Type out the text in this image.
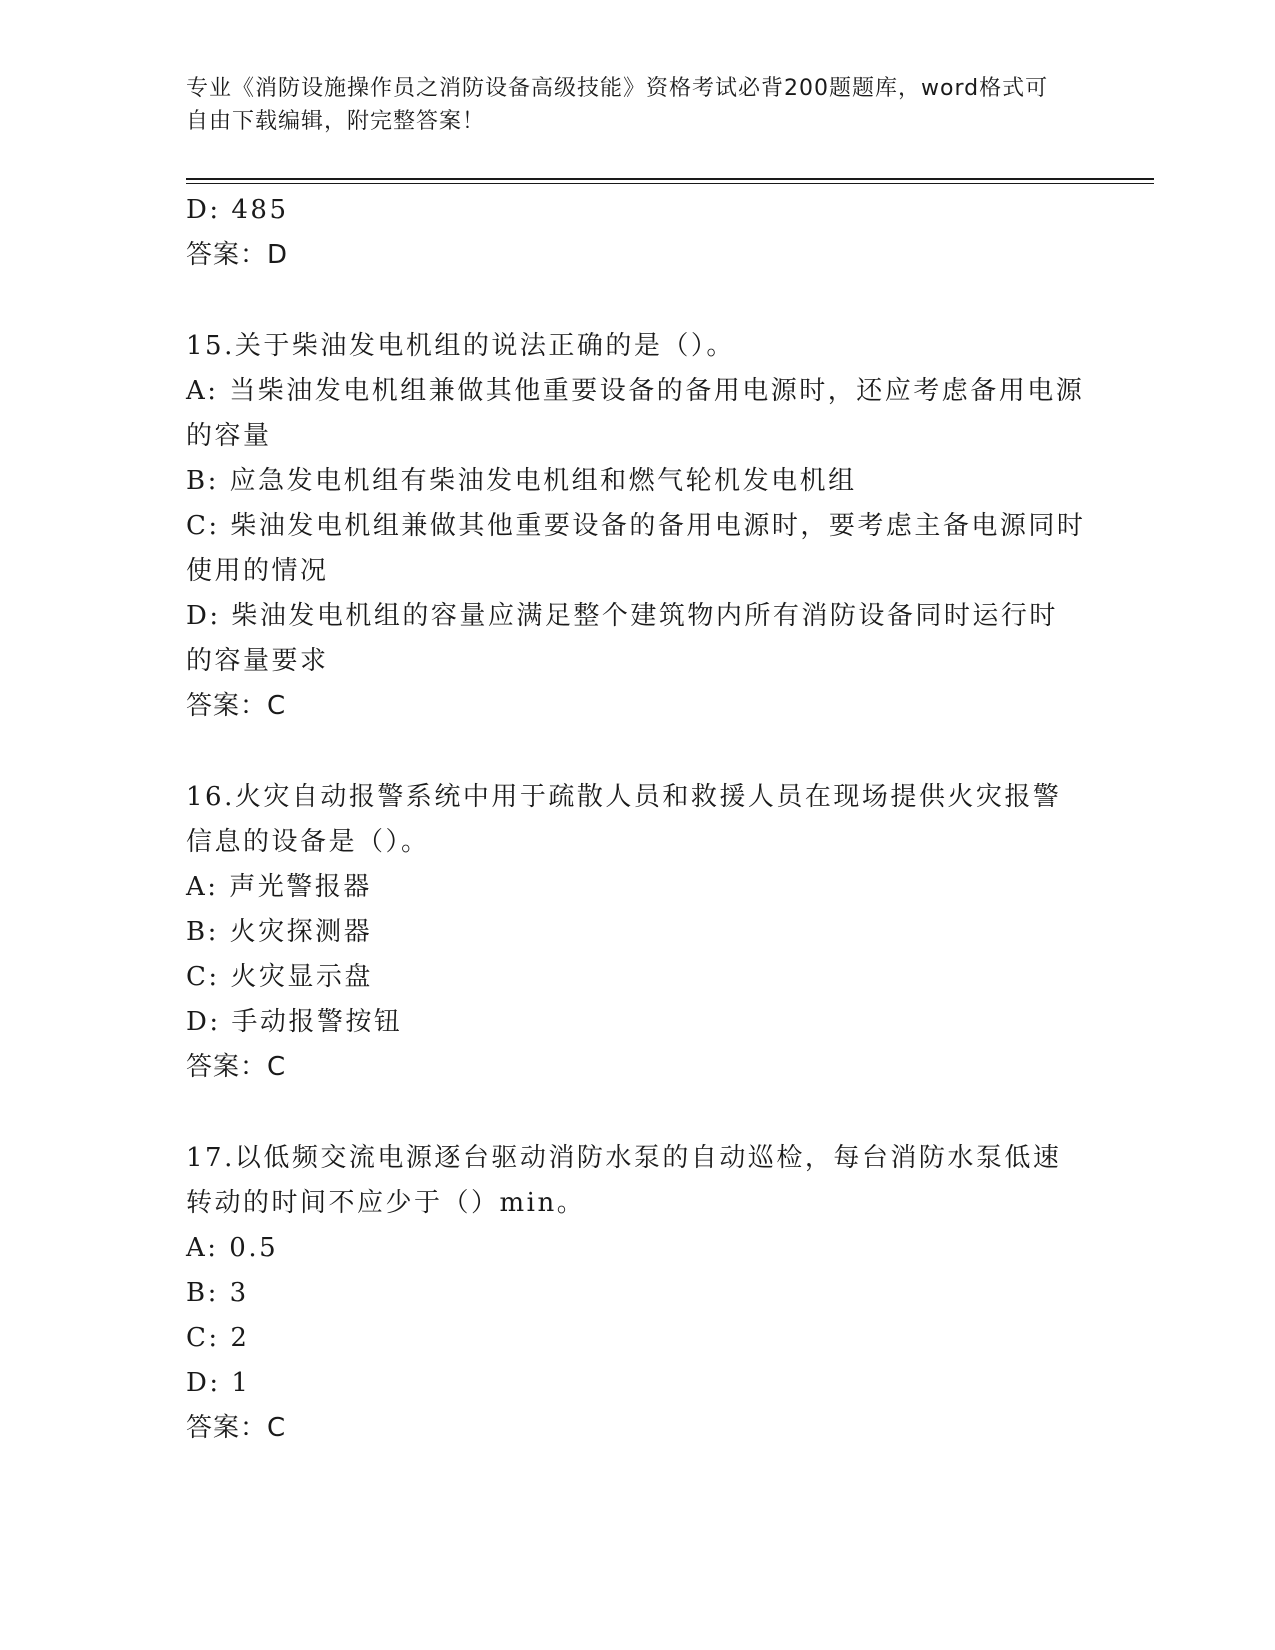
专业《消防设施操作员之消防设备高级技能》资格考试必背200题题库，word格式可自由下载编辑，附完整答案！

D: 485

答案：D

15.关于柴油发电机组的说法正确的是（）。

A: 当柴油发电机组兼做其他重要设备的备用电源时，还应考虑备用电源的容量

B: 应急发电机组有柴油发电机组和燃气轮机发电机组

C: 柴油发电机组兼做其他重要设备的备用电源时，要考虑主备电源同时使用的情况

D: 柴油发电机组的容量应满足整个建筑物内所有消防设备同时运行时的容量要求

答案：C

16.火灾自动报警系统中用于疏散人员和救援人员在现场提供火灾报警信息的设备是（）。

A: 声光警报器

B: 火灾探测器

C: 火灾显示盘

D: 手动报警按钮

答案：C

17.以低频交流电源逐台驱动消防水泵的自动巡检，每台消防水泵低速转动的时间不应少于（）min。

A: 0.5

B: 3

C: 2

D: 1

答案：C
